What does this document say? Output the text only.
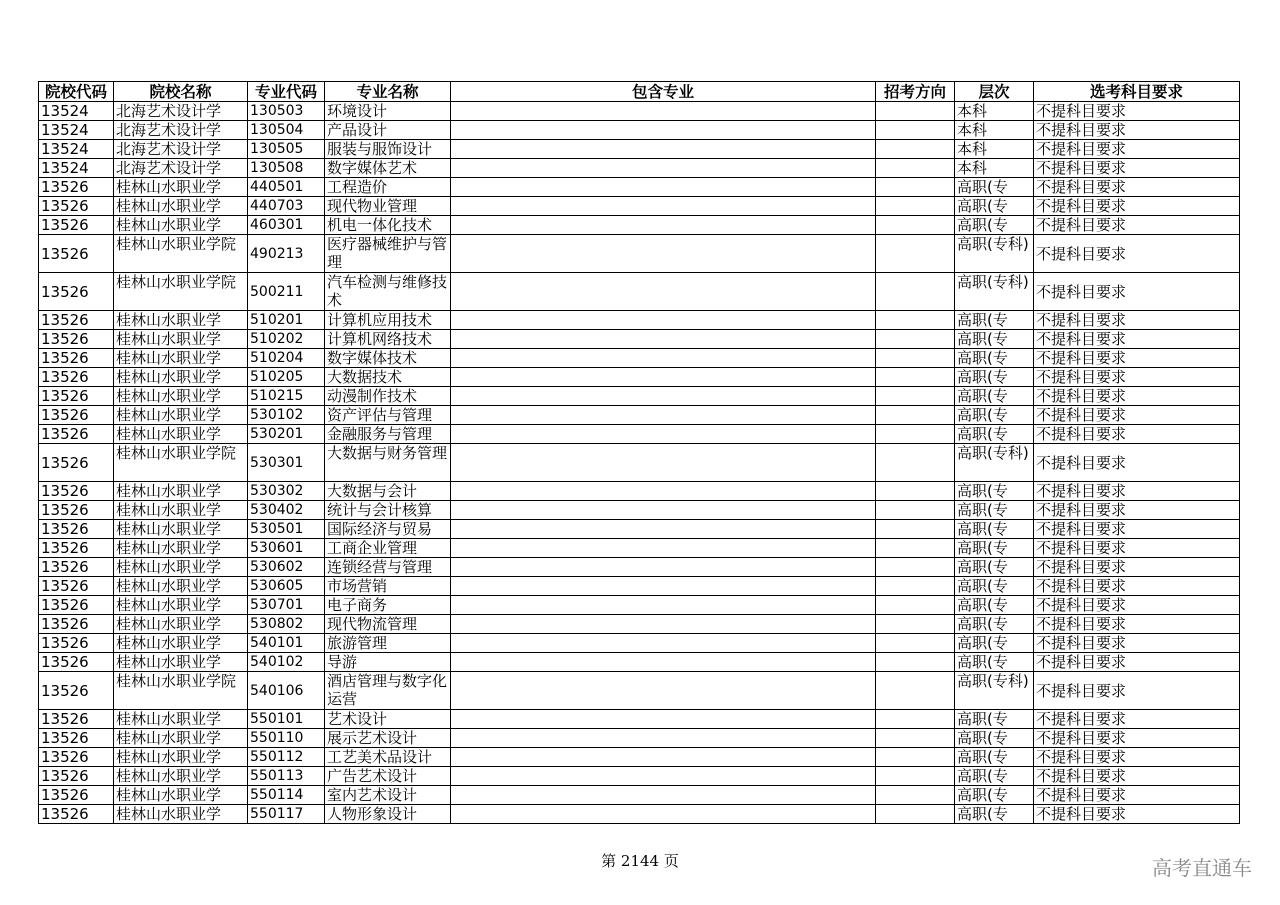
院校代码	院校名称	专业代码	专业名称	包含专业	招考方向	层次	选考科目要求
13524	北海艺术设计学	130503	环境设计			本科	不提科目要求
13524	北海艺术设计学	130504	产品设计			本科	不提科目要求
13524	北海艺术设计学	130505	服装与服饰设计			本科	不提科目要求
13524	北海艺术设计学	130508	数字媒体艺术			本科	不提科目要求
13526	桂林山水职业学	440501	工程造价			高职(专	不提科目要求
13526	桂林山水职业学	440703	现代物业管理			高职(专	不提科目要求
13526	桂林山水职业学	460301	机电一体化技术			高职(专	不提科目要求
13526	桂林山水职业学院	490213	医疗器械维护与管理			高职(专科)	不提科目要求
13526	桂林山水职业学院	500211	汽车检测与维修技术			高职(专科)	不提科目要求
13526	桂林山水职业学	510201	计算机应用技术			高职(专	不提科目要求
13526	桂林山水职业学	510202	计算机网络技术			高职(专	不提科目要求
13526	桂林山水职业学	510204	数字媒体技术			高职(专	不提科目要求
13526	桂林山水职业学	510205	大数据技术			高职(专	不提科目要求
13526	桂林山水职业学	510215	动漫制作技术			高职(专	不提科目要求
13526	桂林山水职业学	530102	资产评估与管理			高职(专	不提科目要求
13526	桂林山水职业学	530201	金融服务与管理			高职(专	不提科目要求
13526	桂林山水职业学院	530301	大数据与财务管理			高职(专科)	不提科目要求
13526	桂林山水职业学	530302	大数据与会计			高职(专	不提科目要求
13526	桂林山水职业学	530402	统计与会计核算			高职(专	不提科目要求
13526	桂林山水职业学	530501	国际经济与贸易			高职(专	不提科目要求
13526	桂林山水职业学	530601	工商企业管理			高职(专	不提科目要求
13526	桂林山水职业学	530602	连锁经营与管理			高职(专	不提科目要求
13526	桂林山水职业学	530605	市场营销			高职(专	不提科目要求
13526	桂林山水职业学	530701	电子商务			高职(专	不提科目要求
13526	桂林山水职业学	530802	现代物流管理			高职(专	不提科目要求
13526	桂林山水职业学	540101	旅游管理			高职(专	不提科目要求
13526	桂林山水职业学	540102	导游			高职(专	不提科目要求
13526	桂林山水职业学院	540106	酒店管理与数字化运营			高职(专科)	不提科目要求
13526	桂林山水职业学	550101	艺术设计			高职(专	不提科目要求
13526	桂林山水职业学	550110	展示艺术设计			高职(专	不提科目要求
13526	桂林山水职业学	550112	工艺美术品设计			高职(专	不提科目要求
13526	桂林山水职业学	550113	广告艺术设计			高职(专	不提科目要求
13526	桂林山水职业学	550114	室内艺术设计			高职(专	不提科目要求
13526	桂林山水职业学	550117	人物形象设计			高职(专	不提科目要求
第 2144 页	高考直通车
